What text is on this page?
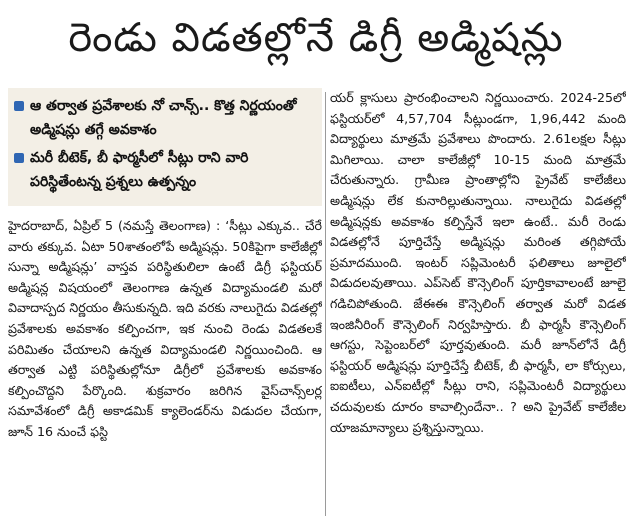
రెండు విడతల్లోనే డిగ్రీ అడ్మిషన్లు
ఆ తర్వాత ప్రవేశాలకు నో చాన్స్‌.. కొత్త నిర్ణయంతో అడ్మిషన్లు తగ్గే అవకాశం
మరీ బీటెక్‌, బీ ఫార్మసీలో సీట్లు రాని వారి పరిస్థితేంటన్న ప్రశ్నలు ఉత్పన్నం

హైదరాబాద్‌, ఏప్రిల్‌ 5 (నమస్తే తెలంగాణ) : ‘సీట్లు ఎక్కువ.. చేరే వారు తక్కువ. ఏటా 50శాతంలోపే అడ్మిషన్లు. 50కిపైగా కాలేజీల్లో సున్నా అడ్మిషన్లు’ వాస్తవ పరిస్థితులిలా ఉంటే డిగ్రీ ఫస్టియర్‌ అడ్మిషన్ల విషయంలో తెలంగాణ ఉన్నత విద్యామండలి మరో వివాదాస్పద నిర్ణయం తీసుకున్నది. ఇది వరకు నాలుగైదు విడతల్లో ప్రవేశాలకు అవకాశం కల్పించగా, ఇక నుంచి రెండు విడతలకే పరిమితం చేయాలని ఉన్నత విద్యామండలి నిర్ణయించింది. ఆ తర్వాత ఎట్టి పరిస్థితుల్లోనూ డిగ్రీలో ప్రవేశాలకు అవకాశం కల్పించొద్దని పేర్కొంది. శుక్రవారం జరిగిన వైస్‌చాన్స్‌లర్ల సమావేశంలో డిగ్రీ అకాడమిక్‌ క్యాలెండర్‌ను విడుదల చేయగా, జూన్‌ 16 నుంచే ఫస్టి

యర్‌ క్లాసులు ప్రారంభించాలని నిర్ణయించారు. 2024-25లో ఫస్టియర్‌లో 4,57,704 సీట్లుండగా, 1,96,442 మంది విద్యార్థులు మాత్రమే ప్రవేశాలు పొందారు. 2.61లక్షల సీట్లు మిగిలాయి. చాలా కాలేజీల్లో 10-15 మంది మాత్రమే చేరుతున్నారు. గ్రామీణ ప్రాంతాల్లోని ప్రైవేట్‌ కాలేజీలు అడ్మిషన్లు లేక కునారిల్లుతున్నాయి. నాలుగైదు విడతల్లో అడ్మిషన్లకు అవకాశం కల్పిస్తేనే ఇలా ఉంటే.. మరీ రెండు విడతల్లోనే పూర్తిచేస్తే అడ్మిషన్లు మరింత తగ్గిపోయే ప్రమాదముంది. ఇంటర్‌ సప్లిమెంటరీ ఫలితాలు జూలైలో విడుదలవుతాయి. ఎప్‌సెట్‌ కౌన్సెలింగ్‌ పూర్తికావాలంటే జూలై గడిచిపోతుంది. జేఈఈ కౌన్సెలింగ్‌ తర్వాత మరో విడత ఇంజినీరింగ్‌ కౌన్సెలింగ్‌ నిర్వహిస్తారు. బీ ఫార్మసీ కౌన్సెలింగ్‌ ఆగస్టు, సెప్టెంబర్‌లో పూర్తవుతుంది. మరీ జూన్‌లోనే డిగ్రీ ఫస్టియర్‌ అడ్మిషన్లు పూర్తిచేస్తే బీటెక్‌, బీ ఫార్మసీ, లా కోర్సులు, ఐఐటీలు, ఎన్‌ఐటీల్లో సీట్లు రాని, సప్లిమెంటరీ విద్యార్థులు చదువులకు దూరం కావాల్సిందేనా.. ? అని ప్రైవేట్‌ కాలేజీల యాజమాన్యాలు ప్రశ్నిస్తున్నాయి.
